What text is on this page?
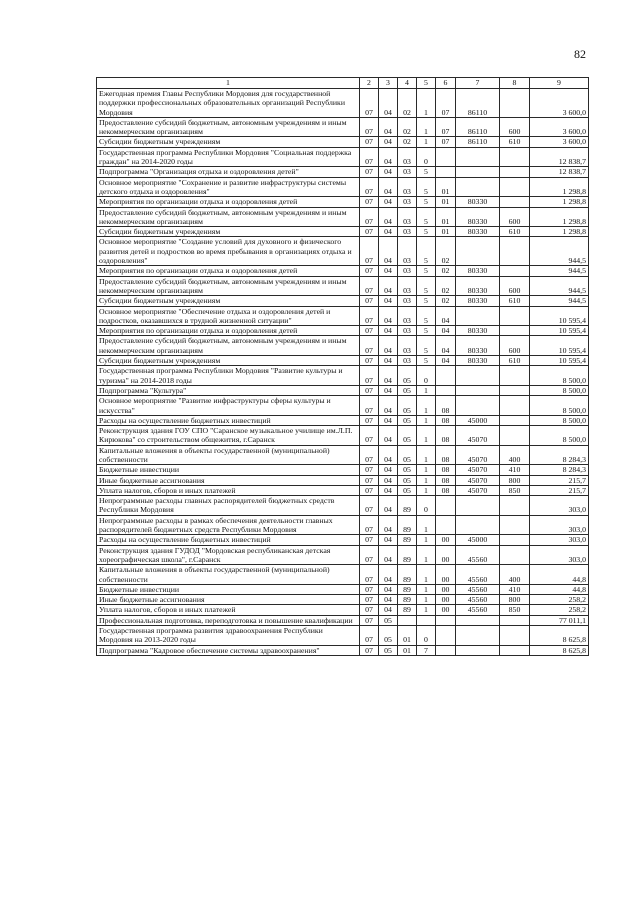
82
1	2	3	4	5	6	7	8	9
Ежегодная премия Главы Республики Мордовия для государственной поддержки профессиональных образовательных организаций Республики Мордовия	07	04	02	1	07	86110		3 600,0
Предоставление субсидий бюджетным, автономным учреждениям и иным некоммерческим организациям	07	04	02	1	07	86110	600	3 600,0
Субсидии бюджетным учреждениям	07	04	02	1	07	86110	610	3 600,0
Государственная программа Республики Мордовия "Социальная поддержка граждан" на 2014-2020 годы	07	04	03	0				12 838,7
Подпрограмма "Организация отдыха и оздоровления детей"	07	04	03	5				12 838,7
Основное мероприятие "Сохранение и развитие инфраструктуры системы детского отдыха и оздоровления"	07	04	03	5	01			1 298,8
Мероприятия по организации отдыха и оздоровления детей	07	04	03	5	01	80330		1 298,8
Предоставление субсидий бюджетным, автономным учреждениям и иным некоммерческим организациям	07	04	03	5	01	80330	600	1 298,8
Субсидии бюджетным учреждениям	07	04	03	5	01	80330	610	1 298,8
Основное мероприятие "Создание условий для духовного и физического развития детей и подростков во время пребывания в организациях отдыха и оздоровления"	07	04	03	5	02			944,5
Мероприятия по организации отдыха и оздоровления детей	07	04	03	5	02	80330		944,5
Предоставление субсидий бюджетным, автономным учреждениям и иным некоммерческим организациям	07	04	03	5	02	80330	600	944,5
Субсидии бюджетным учреждениям	07	04	03	5	02	80330	610	944,5
Основное мероприятие "Обеспечение отдыха и оздоровления детей и подростков, оказавшихся в трудной жизненной ситуации"	07	04	03	5	04			10 595,4
Мероприятия по организации отдыха и оздоровления детей	07	04	03	5	04	80330		10 595,4
Предоставление субсидий бюджетным, автономным учреждениям и иным некоммерческим организациям	07	04	03	5	04	80330	600	10 595,4
Субсидии бюджетным учреждениям	07	04	03	5	04	80330	610	10 595,4
Государственная программа Республики Мордовия "Развитие культуры и туризма" на 2014-2018 годы	07	04	05	0				8 500,0
Подпрограмма "Культура"	07	04	05	1				8 500,0
Основное мероприятие "Развитие инфраструктуры сферы культуры и искусства"	07	04	05	1	08			8 500,0
Расходы на осуществление бюджетных инвестиций	07	04	05	1	08	45000		8 500,0
Реконструкция здания ГОУ СПО "Саранское музыкальное училище им.Л.П. Кирюкова" со строительством общежития, г.Саранск	07	04	05	1	08	45070		8 500,0
Капитальные вложения в объекты государственной (муниципальной) собственности	07	04	05	1	08	45070	400	8 284,3
Бюджетные инвестиции	07	04	05	1	08	45070	410	8 284,3
Иные бюджетные ассигнования	07	04	05	1	08	45070	800	215,7
Уплата налогов, сборов и иных платежей	07	04	05	1	08	45070	850	215,7
Непрограммные расходы главных распорядителей бюджетных средств Республики Мордовия	07	04	89	0				303,0
Непрограммные расходы в рамках обеспечения деятельности главных распорядителей бюджетных средств Республики Мордовия	07	04	89	1				303,0
Расходы на осуществление бюджетных инвестиций	07	04	89	1	00	45000		303,0
Реконструкция здания ГУДОД "Мордовская республиканская детская хореографическая школа", г.Саранск	07	04	89	1	00	45560		303,0
Капитальные вложения в объекты государственной (муниципальной) собственности	07	04	89	1	00	45560	400	44,8
Бюджетные инвестиции	07	04	89	1	00	45560	410	44,8
Иные бюджетные ассигнования	07	04	89	1	00	45560	800	258,2
Уплата налогов, сборов и иных платежей	07	04	89	1	00	45560	850	258,2
Профессиональная подготовка, переподготовка и повышение квалификации	07	05						77 011,1
Государственная программа развития здравоохранения Республики Мордовия на 2013-2020 годы	07	05	01	0				8 625,8
Подпрограмма "Кадровое обеспечение системы здравоохранения"	07	05	01	7				8 625,8
